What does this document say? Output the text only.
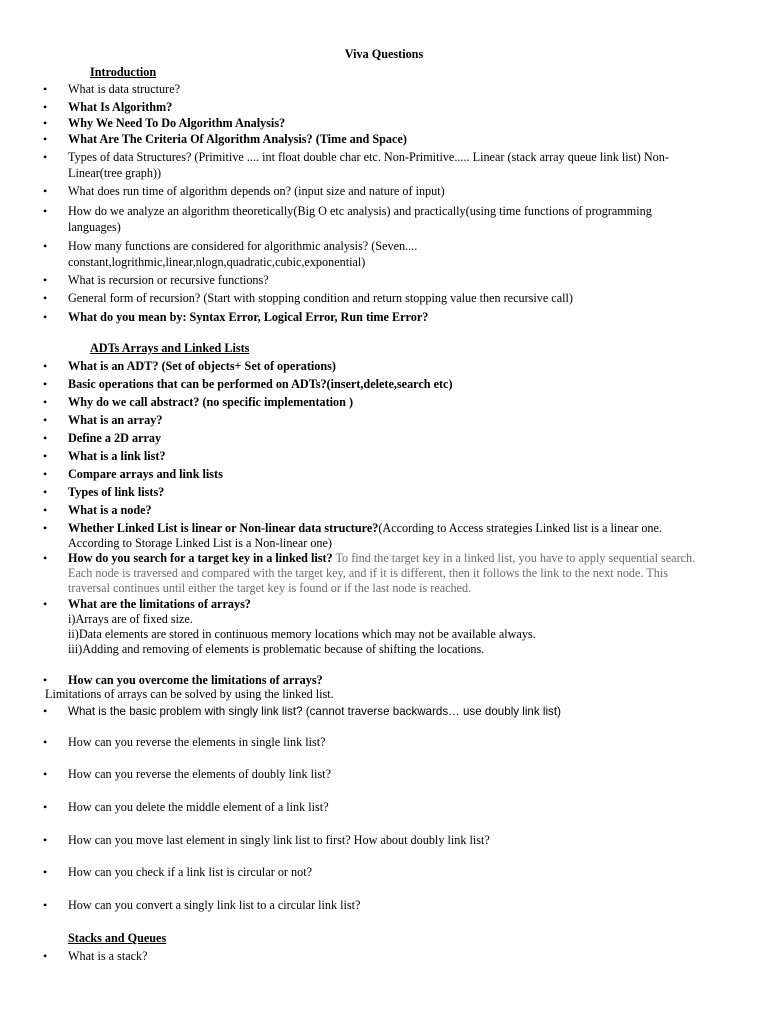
Viva Questions
Introduction
• What is data structure?
• What Is Algorithm?
• Why We Need To Do Algorithm Analysis?
• What Are The Criteria Of Algorithm Analysis? (Time and Space)
• Types of data Structures? (Primitive .... int float double char etc. Non-Primitive..... Linear (stack array queue link list) Non-
Linear(tree graph))
• What does run time of algorithm depends on? (input size and nature of input)
• How do we analyze an algorithm theoretically(Big O etc analysis) and practically(using time functions of programming
languages)
• How many functions are considered for algorithmic analysis? (Seven....
constant,logrithmic,linear,nlogn,quadratic,cubic,exponential)
• What is recursion or recursive functions?
• General form of recursion? (Start with stopping condition and return stopping value then recursive call)
• What do you mean by: Syntax Error, Logical Error, Run time Error?
ADTs Arrays and Linked Lists
• What is an ADT? (Set of objects+ Set of operations)
• Basic operations that can be performed on ADTs?(insert,delete,search etc)
• Why do we call abstract? (no specific implementation )
• What is an array?
• Define a 2D array
• What is a link list?
• Compare arrays and link lists
• Types of link lists?
• What is a node?
• Whether Linked List is linear or Non-linear data structure?(According to Access strategies Linked list is a linear one.
According to Storage Linked List is a Non-linear one)
• How do you search for a target key in a linked list? To find the target key in a linked list, you have to apply sequential search.
Each node is traversed and compared with the target key, and if it is different, then it follows the link to the next node. This
traversal continues until either the target key is found or if the last node is reached.
• What are the limitations of arrays?
i)Arrays are of fixed size.
ii)Data elements are stored in continuous memory locations which may not be available always.
iii)Adding and removing of elements is problematic because of shifting the locations.
• How can you overcome the limitations of arrays?
Limitations of arrays can be solved by using the linked list.
• What is the basic problem with singly link list? (cannot traverse backwards… use doubly link list)
• How can you reverse the elements in single link list?
• How can you reverse the elements of doubly link list?
• How can you delete the middle element of a link list?
• How can you move last element in singly link list to first? How about doubly link list?
• How can you check if a link list is circular or not?
• How can you convert a singly link list to a circular link list?
Stacks and Queues
• What is a stack?
